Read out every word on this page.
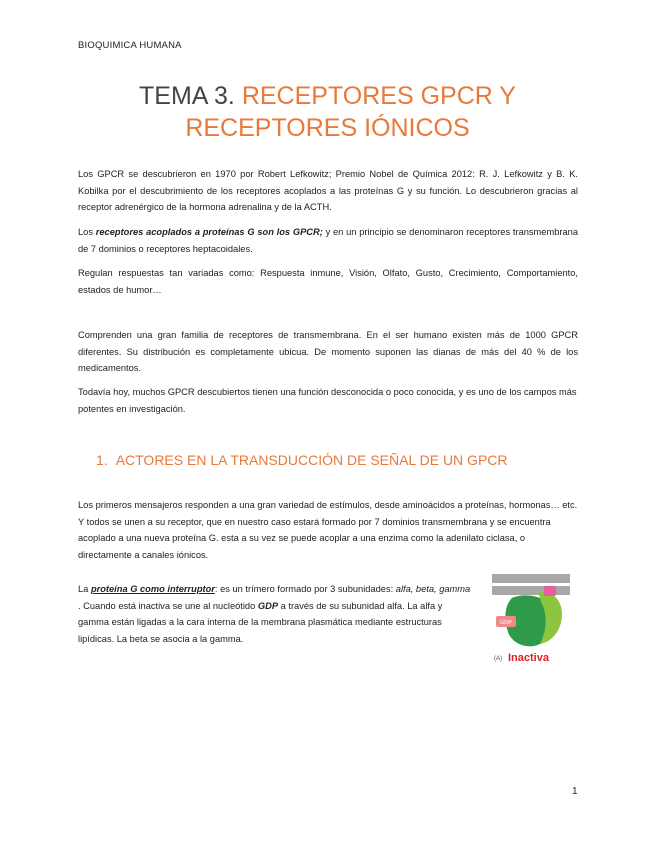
BIOQUIMICA HUMANA
TEMA 3. RECEPTORES GPCR Y RECEPTORES IÓNICOS
Los GPCR se descubrieron en 1970 por Robert Lefkowitz; Premio Nobel de Química 2012: R. J. Lefkowitz y B. K. Kobilka por el descubrimiento de los receptores acoplados a las proteínas G y su función. Lo descubrieron gracias al receptor adrenérgico de la hormona adrenalina y de la ACTH.
Los receptores acoplados a proteínas G son los GPCR; y en un principio se denominaron receptores transmembrana de 7 dominios o receptores heptacoidales.
Regulan respuestas tan variadas como: Respuesta inmune, Visión, Olfato, Gusto, Crecimiento, Comportamiento, estados de humor…
Comprenden una gran familia de receptores de transmembrana. En el ser humano existen más de 1000 GPCR diferentes. Su distribución es completamente ubicua. De momento suponen las dianas de más del 40 % de los medicamentos.
Todavía hoy, muchos GPCR descubiertos tienen una función desconocida o poco conocida, y es uno de los campos más potentes en investigación.
1. ACTORES EN LA TRANSDUCCIÓN DE SEÑAL DE UN GPCR
Los primeros mensajeros responden a una gran variedad de estímulos, desde aminoácidos a proteínas, hormonas… etc. Y todos se unen a su receptor, que en nuestro caso estará formado por 7 dominios transmembrana y se encuentra acoplado a una nueva proteína G. esta a su vez se puede acoplar a una enzima como la adenilato ciclasa, o directamente a canales iónicos.
La proteína G como interruptor: es un trímero formado por 3 subunidades: alfa, beta, gamma . Cuando está inactiva se une al nucleótido GDP a través de su subunidad alfa. La alfa y gamma están ligadas a la cara interna de la membrana plasmática mediante estructuras lipídicas. La beta se asocia a la gamma.
GDP
(A) Inactiva
1
